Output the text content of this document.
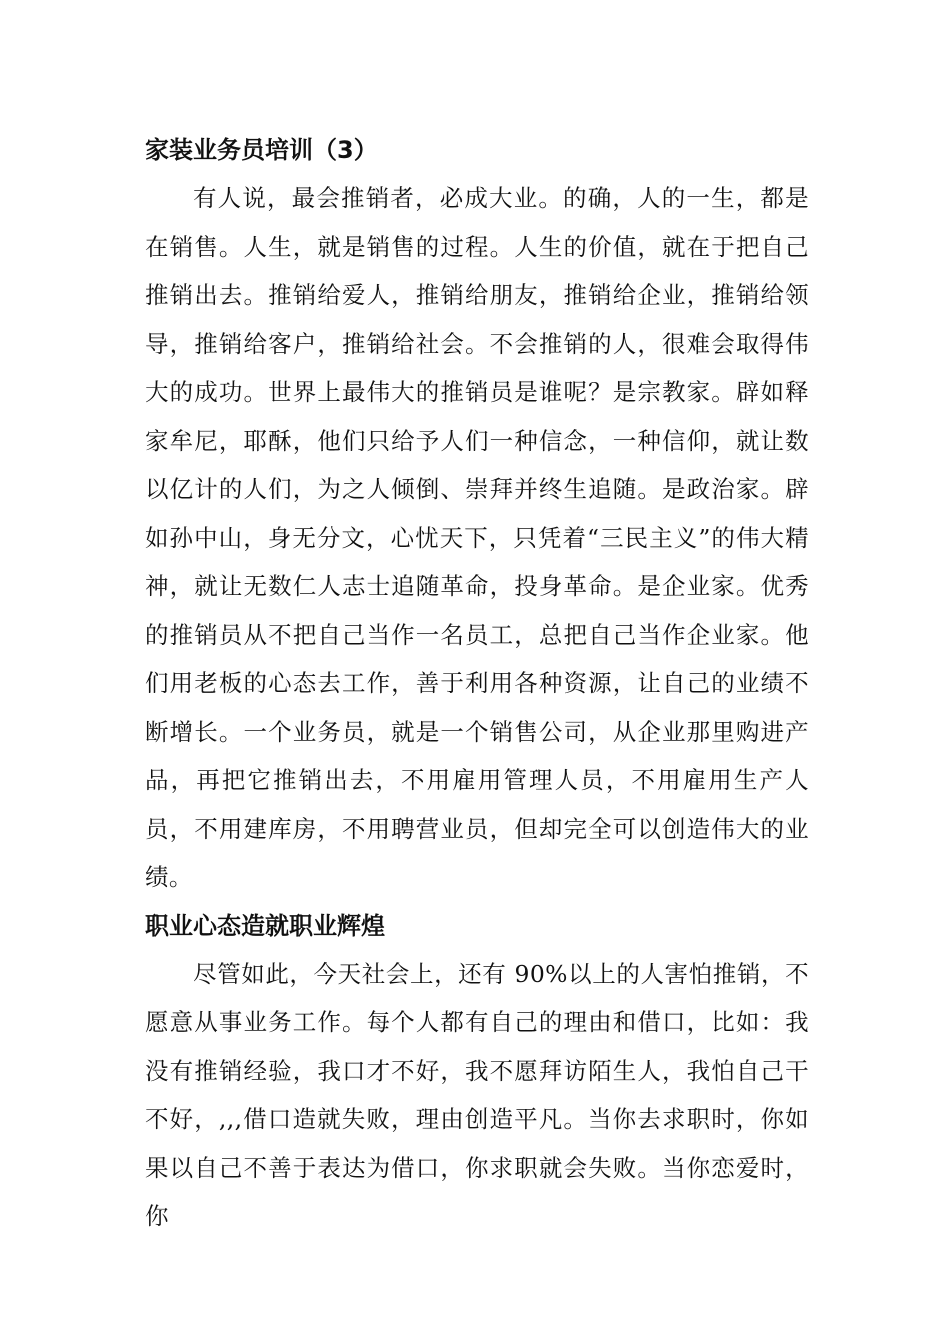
家装业务员培训（3）

有人说，最会推销者，必成大业。的确，人的一生，都是在销售。人生，就是销售的过程。人生的价值，就在于把自己推销出去。推销给爱人，推销给朋友，推销给企业，推销给领导，推销给客户，推销给社会。不会推销的人，很难会取得伟大的成功。世界上最伟大的推销员是谁呢？是宗教家。辟如释家牟尼，耶酥，他们只给予人们一种信念，一种信仰，就让数以亿计的人们，为之人倾倒、崇拜并终生追随。是政治家。辟如孙中山，身无分文，心忧天下，只凭着“三民主义”的伟大精神，就让无数仁人志士追随革命，投身革命。是企业家。优秀的推销员从不把自己当作一名员工，总把自己当作企业家。他们用老板的心态去工作，善于利用各种资源，让自己的业绩不断增长。一个业务员，就是一个销售公司，从企业那里购进产品，再把它推销出去，不用雇用管理人员，不用雇用生产人员，不用建库房，不用聘营业员，但却完全可以创造伟大的业绩。

职业心态造就职业辉煌

尽管如此，今天社会上，还有 90%以上的人害怕推销，不愿意从事业务工作。每个人都有自己的理由和借口，比如：我没有推销经验，我口才不好，我不愿拜访陌生人，我怕自己干不好，,,,借口造就失败，理由创造平凡。当你去求职时，你如果以自己不善于表达为借口，你求职就会失败。当你恋爱时，你
